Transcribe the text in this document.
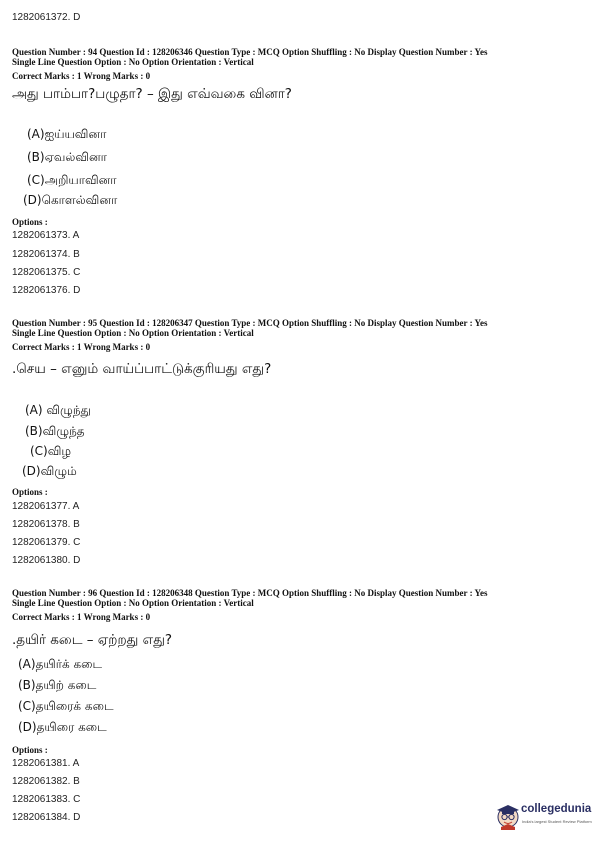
1282061372. D
Question Number : 94 Question Id : 128206346 Question Type : MCQ Option Shuffling : No Display Question Number : Yes
Single Line Question Option : No Option Orientation : Vertical
Correct Marks : 1 Wrong Marks : 0
அது பாம்பா?பழுதா? – இது எவ்வகை வினா?
(A)ஐய்யவினா
(B)ஏவல்வினா
(C)அறியாவினா
(D)கொளல்வினா
Options :
1282061373. A
1282061374. B
1282061375. C
1282061376. D
Question Number : 95 Question Id : 128206347 Question Type : MCQ Option Shuffling : No Display Question Number : Yes
Single Line Question Option : No Option Orientation : Vertical
Correct Marks : 1 Wrong Marks : 0
.செய – எனும் வாய்ப்பாட்டுக்குரியது எது?
(A) விழுந்து
(B)விழுந்த
(C)விழ
(D)விழும்
Options :
1282061377. A
1282061378. B
1282061379. C
1282061380. D
Question Number : 96 Question Id : 128206348 Question Type : MCQ Option Shuffling : No Display Question Number : Yes
Single Line Question Option : No Option Orientation : Vertical
Correct Marks : 1 Wrong Marks : 0
.தயிர் கடை – ஏற்றது எது?
(A)தயிர்க் கடை
(B)தயிற் கடை
(C)தயிரைக் கடை
(D)தயிரை கடை
Options :
1282061381. A
1282061382. B
1282061383. C
1282061384. D
collegedunia
India's largest Student Review Platform
